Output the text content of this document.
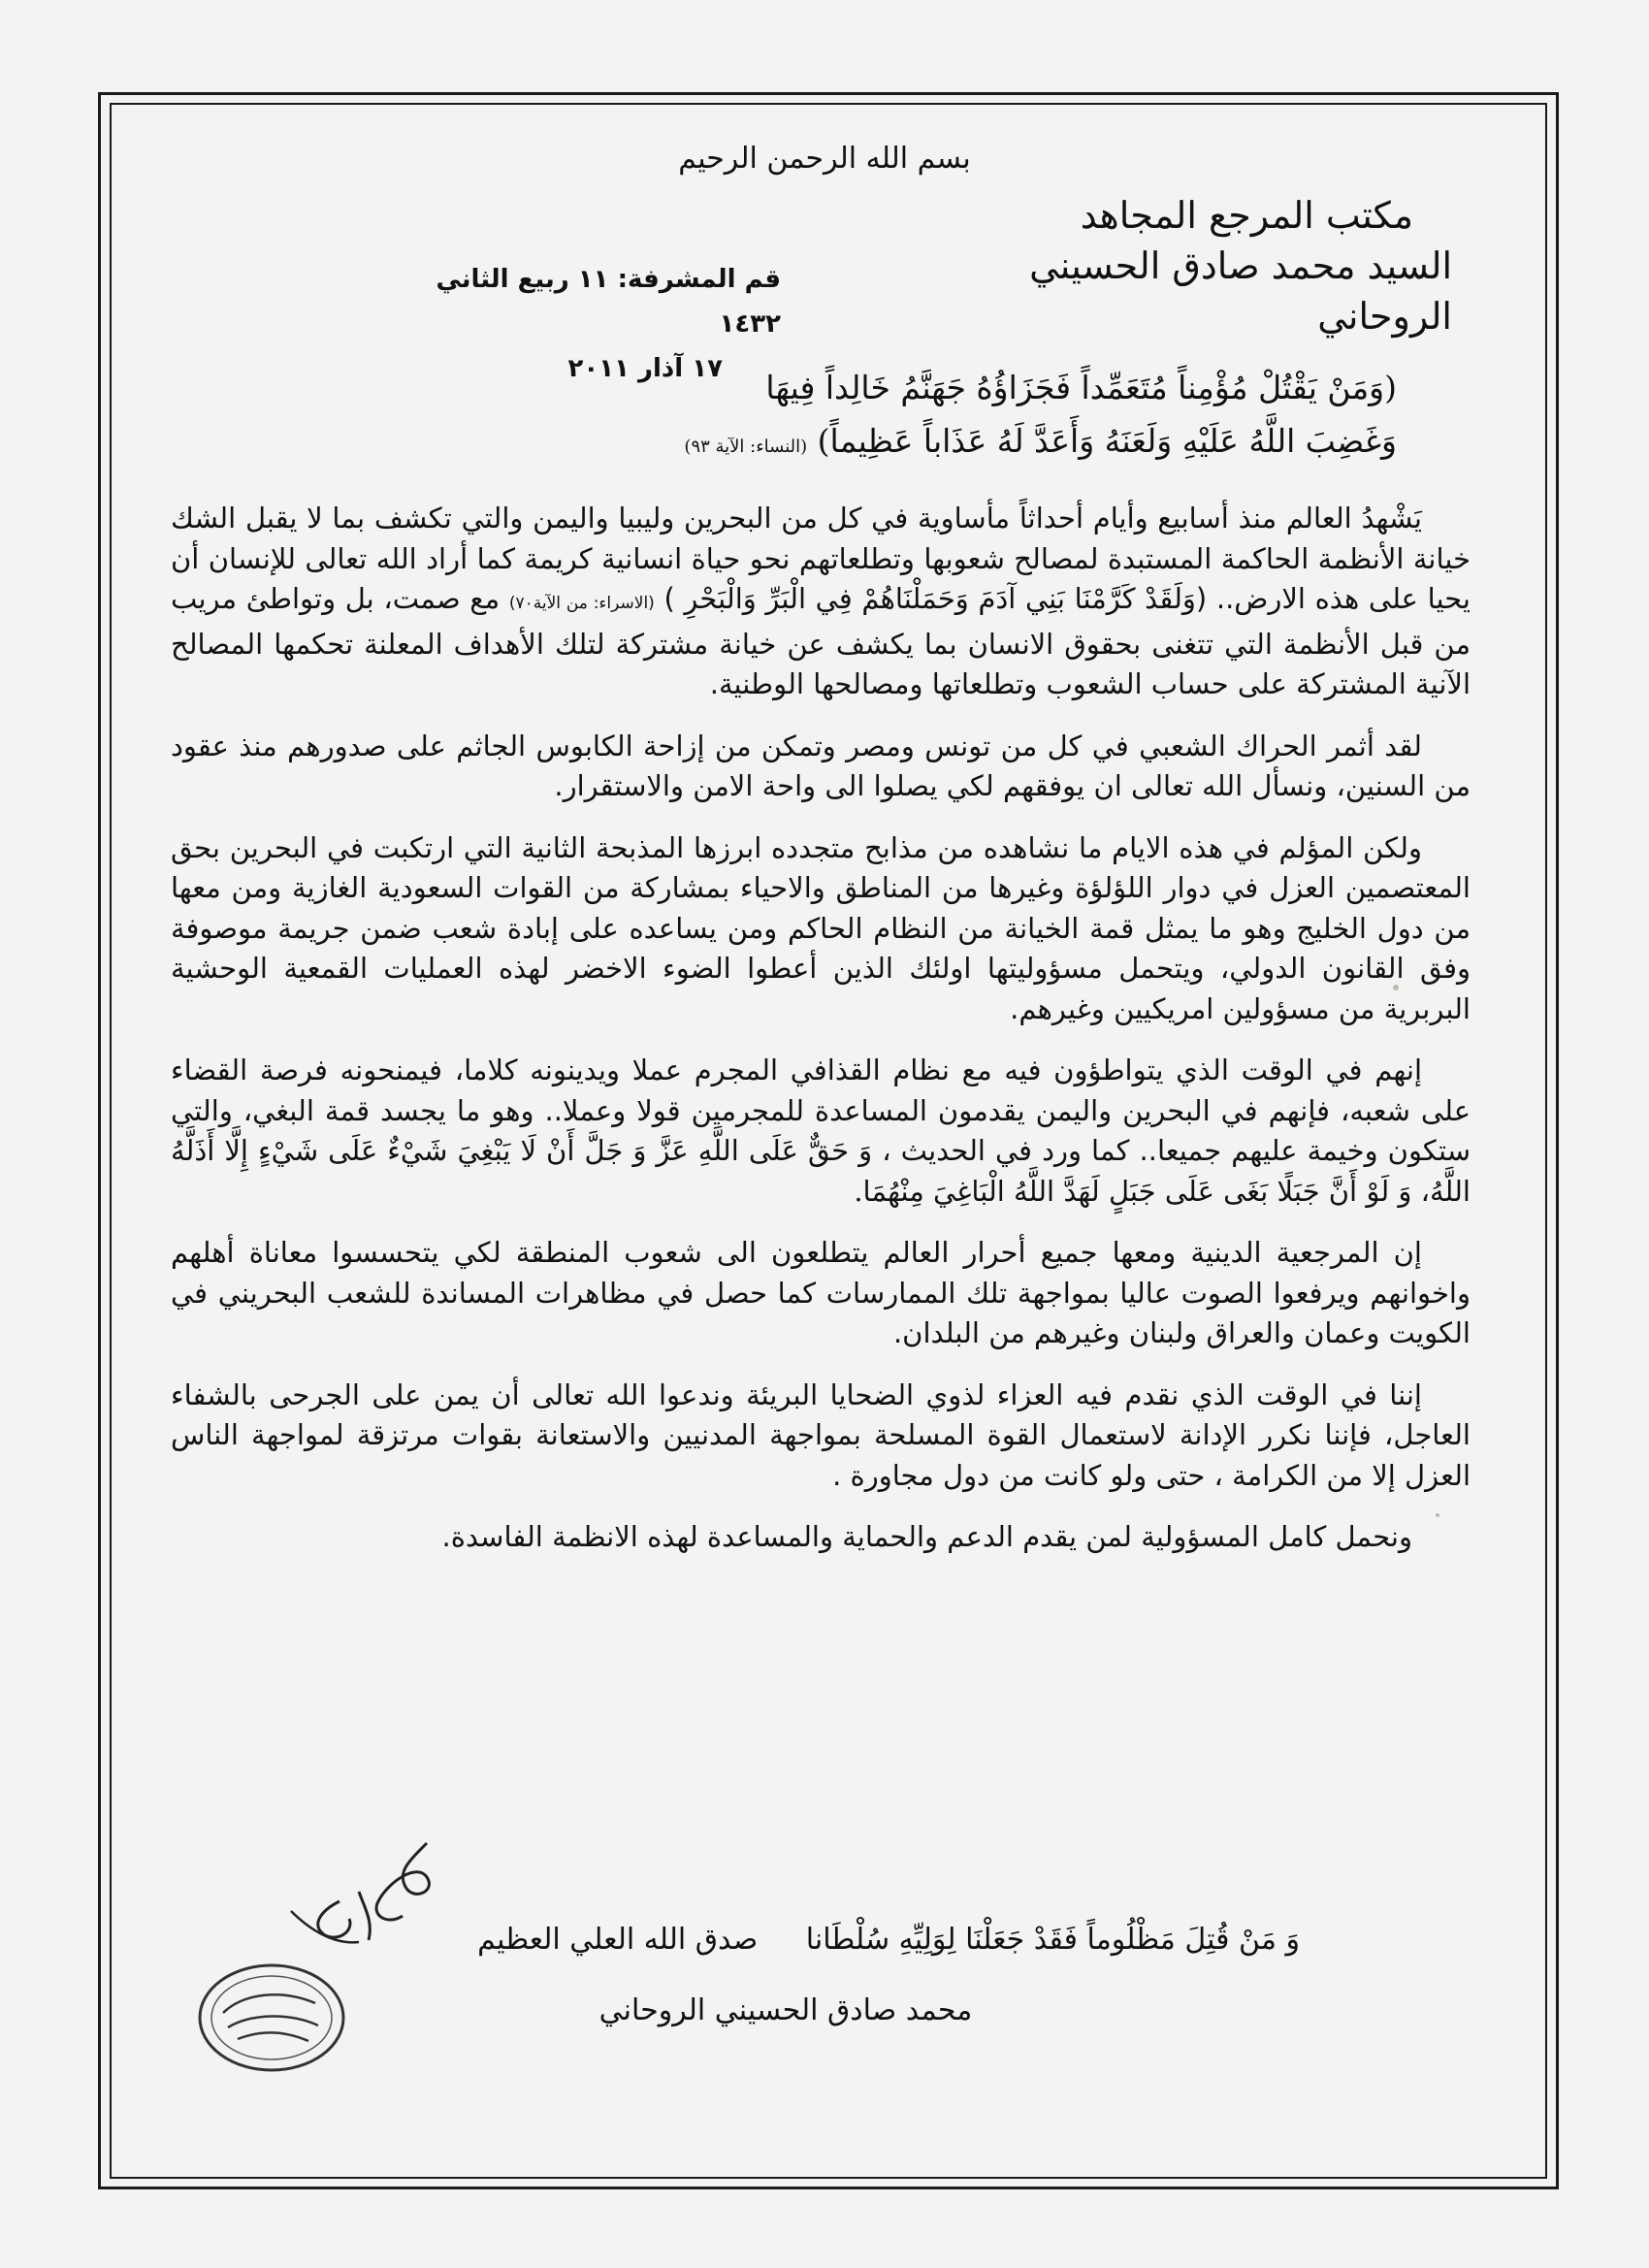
بسم الله الرحمن الرحيم
مكتب المرجع المجاهد
السيد محمد صادق الحسيني الروحاني
قم المشرفة: ١١ ربيع الثاني ١٤٣٢
١٧ آذار ٢٠١١	(وَمَنْ يَقْتُلْ مُؤْمِناً مُتَعَمِّداً فَجَزَاؤُهُ جَهَنَّمُ خَالِداً فِيهَا
وَغَضِبَ اللَّهُ عَلَيْهِ وَلَعَنَهُ وَأَعَدَّ لَهُ عَذَاباً عَظِيماً) (النساء: الآية ٩٣)

يَشْهدُ العالم منذ أسابيع وأيام أحداثاً مأساوية في كل من البحرين وليبيا واليمن والتي تكشف بما لا يقبل الشك خيانة الأنظمة الحاكمة المستبدة لمصالح شعوبها وتطلعاتهم نحو حياة انسانية كريمة كما أراد الله تعالى للإنسان أن يحيا على هذه الارض.. (وَلَقَدْ كَرَّمْنَا بَنِي آدَمَ وَحَمَلْنَاهُمْ فِي الْبَرِّ وَالْبَحْرِ ) (الاسراء: من الآية٧٠) مع صمت، بل وتواطئ مريب من قبل الأنظمة التي تتغنى بحقوق الانسان بما يكشف عن خيانة مشتركة لتلك الأهداف المعلنة تحكمها المصالح الآنية المشتركة على حساب الشعوب وتطلعاتها ومصالحها الوطنية.

لقد أثمر الحراك الشعبي في كل من تونس ومصر وتمكن من إزاحة الكابوس الجاثم على صدورهم منذ عقود من السنين، ونسأل الله تعالى ان يوفقهم لكي يصلوا الى واحة الامن والاستقرار.

ولكن المؤلم في هذه الايام ما نشاهده من مذابح متجدده ابرزها المذبحة الثانية التي ارتكبت في البحرين بحق المعتصمين العزل في دوار اللؤلؤة وغيرها من المناطق والاحياء بمشاركة من القوات السعودية الغازية ومن معها من دول الخليج وهو ما يمثل قمة الخيانة من النظام الحاكم ومن يساعده على إبادة شعب ضمن جريمة موصوفة وفق القانون الدولي، ويتحمل مسؤوليتها اولئك الذين أعطوا الضوء الاخضر لهذه العمليات القمعية الوحشية البربرية من مسؤولين امريكيين وغيرهم.

إنهم في الوقت الذي يتواطؤون فيه مع نظام القذافي المجرم عملا ويدينونه كلاما، فيمنحونه فرصة القضاء على شعبه، فإنهم في البحرين واليمن يقدمون المساعدة للمجرمين قولا وعملا.. وهو ما يجسد قمة البغي، والتي ستكون وخيمة عليهم جميعا.. كما ورد في الحديث ، وَ حَقٌّ عَلَى اللَّهِ عَزَّ وَ جَلَّ أَنْ لَا يَبْغِيَ شَيْءٌ عَلَى شَيْءٍ إِلَّا أَذَلَّهُ اللَّهُ، وَ لَوْ أَنَّ جَبَلًا بَغَى عَلَى جَبَلٍ لَهَدَّ اللَّهُ الْبَاغِيَ مِنْهُمَا.

إن المرجعية الدينية ومعها جميع أحرار العالم يتطلعون الى شعوب المنطقة لكي يتحسسوا معاناة أهلهم واخوانهم ويرفعوا الصوت عاليا بمواجهة تلك الممارسات كما حصل في مظاهرات المساندة للشعب البحريني في الكويت وعمان والعراق ولبنان وغيرهم من البلدان.

إننا في الوقت الذي نقدم فيه العزاء لذوي الضحايا البريئة وندعوا الله تعالى أن يمن على الجرحى بالشفاء العاجل، فإننا نكرر الإدانة لاستعمال القوة المسلحة بمواجهة المدنيين والاستعانة بقوات مرتزقة لمواجهة الناس العزل إلا من الكرامة ، حتى ولو كانت من دول مجاورة .

ونحمل كامل المسؤولية لمن يقدم الدعم والحماية والمساعدة لهذه الانظمة الفاسدة.

وَ مَنْ قُتِلَ مَظْلُوماً فَقَدْ جَعَلْنَا لِوَلِيِّهِ سُلْطَانا صدق الله العلي العظيم
محمد صادق الحسيني الروحاني
